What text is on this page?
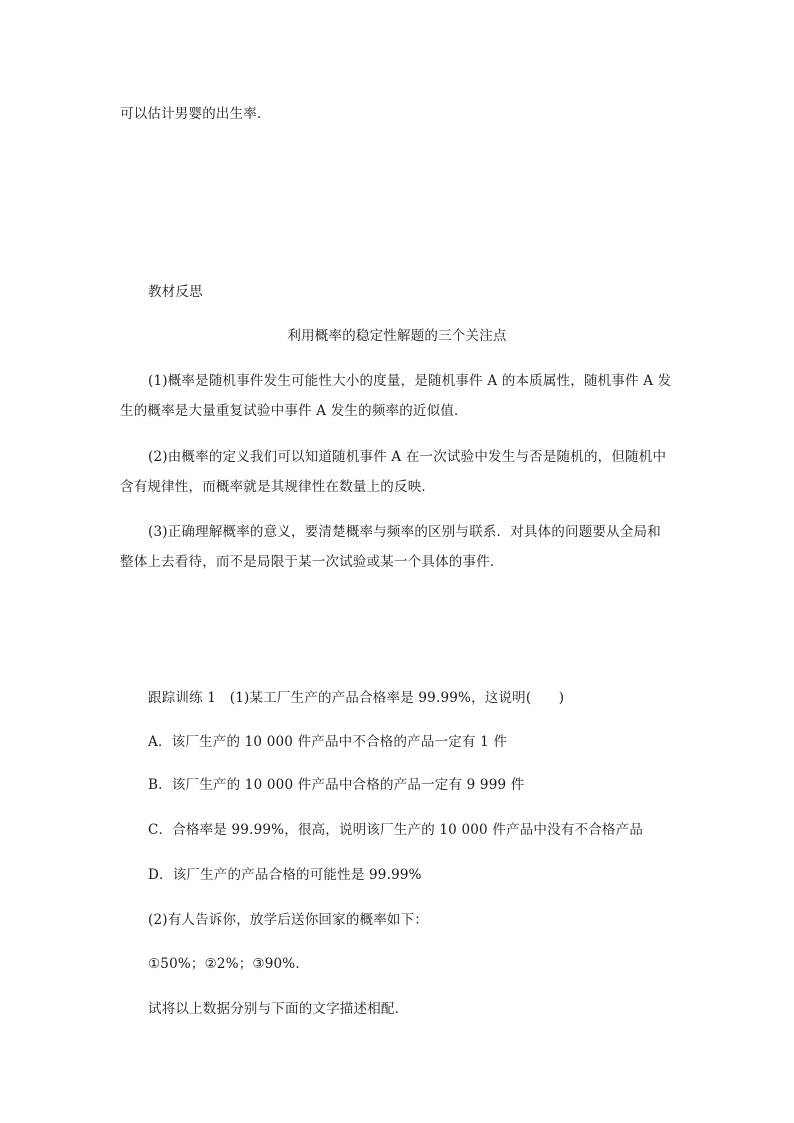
可以估计男婴的出生率．
教材反思
利用概率的稳定性解题的三个关注点
(1)概率是随机事件发生可能性大小的度量，是随机事件 A 的本质属性，随机事件 A 发
生的概率是大量重复试验中事件 A 发生的频率的近似值．
(2)由概率的定义我们可以知道随机事件 A 在一次试验中发生与否是随机的，但随机中
含有规律性，而概率就是其规律性在数量上的反映．
(3)正确理解概率的意义，要清楚概率与频率的区别与联系．对具体的问题要从全局和
整体上去看待，而不是局限于某一次试验或某一个具体的事件．
跟踪训练 1　(1)某工厂生产的产品合格率是 99.99%，这说明(　　)
A．该厂生产的 10 000 件产品中不合格的产品一定有 1 件
B．该厂生产的 10 000 件产品中合格的产品一定有 9 999 件
C．合格率是 99.99%，很高，说明该厂生产的 10 000 件产品中没有不合格产品
D．该厂生产的产品合格的可能性是 99.99%
(2)有人告诉你，放学后送你回家的概率如下：
①50%；②2%；③90%.
试将以上数据分别与下面的文字描述相配．
